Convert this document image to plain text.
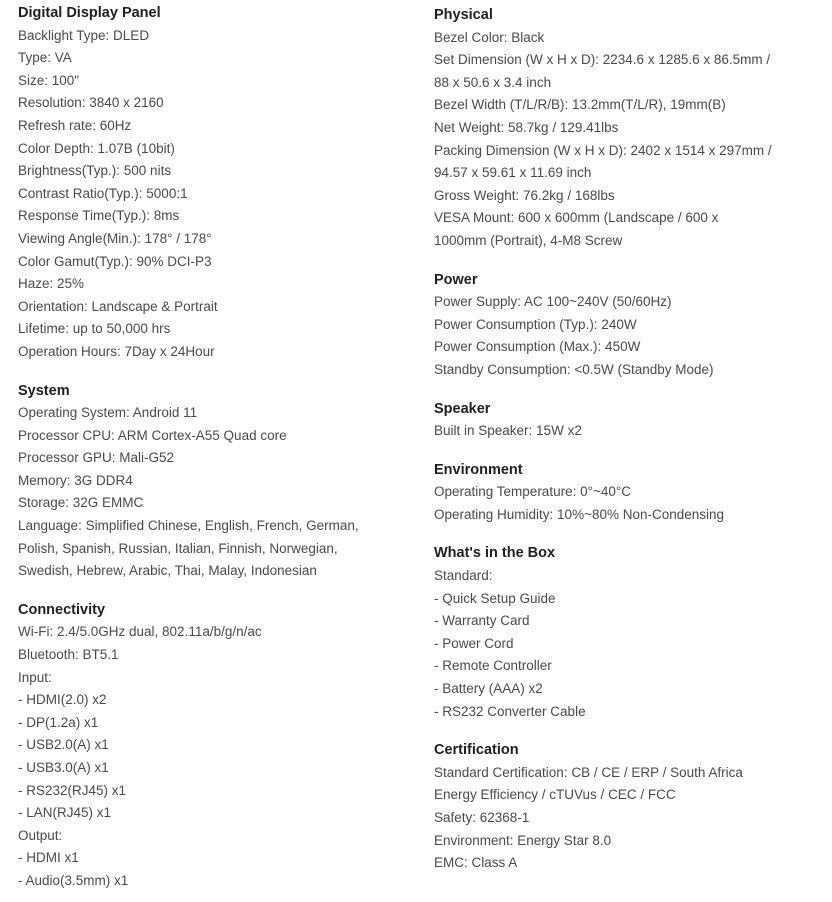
Digital Display Panel
Backlight Type: DLED
Type: VA
Size: 100"
Resolution: 3840 x 2160
Refresh rate: 60Hz
Color Depth: 1.07B (10bit)
Brightness(Typ.): 500 nits
Contrast Ratio(Typ.): 5000:1
Response Time(Typ.): 8ms
Viewing Angle(Min.): 178° / 178°
Color Gamut(Typ.): 90% DCI-P3
Haze: 25%
Orientation: Landscape & Portrait
Lifetime: up to 50,000 hrs
Operation Hours: 7Day x 24Hour
System
Operating System: Android 11
Processor CPU: ARM Cortex-A55 Quad core
Processor GPU: Mali-G52
Memory: 3G DDR4
Storage: 32G EMMC
Language: Simplified Chinese, English, French, German,
Polish, Spanish, Russian, Italian, Finnish, Norwegian,
Swedish, Hebrew, Arabic, Thai, Malay, Indonesian
Connectivity
Wi-Fi: 2.4/5.0GHz dual, 802.11a/b/g/n/ac
Bluetooth: BT5.1
Input:
- HDMI(2.0) x2
- DP(1.2a) x1
- USB2.0(A) x1
- USB3.0(A) x1
- RS232(RJ45) x1
- LAN(RJ45) x1
Output:
- HDMI x1
- Audio(3.5mm) x1
Physical
Bezel Color: Black
Set Dimension (W x H x D): 2234.6 x 1285.6 x 86.5mm /
88 x 50.6 x 3.4 inch
Bezel Width (T/L/R/B): 13.2mm(T/L/R), 19mm(B)
Net Weight: 58.7kg / 129.41lbs
Packing Dimension (W x H x D): 2402 x 1514 x 297mm /
94.57 x 59.61 x 11.69 inch
Gross Weight: 76.2kg / 168lbs
VESA Mount: 600 x 600mm (Landscape / 600 x
1000mm (Portrait), 4-M8 Screw
Power
Power Supply: AC 100~240V (50/60Hz)
Power Consumption (Typ.): 240W
Power Consumption (Max.): 450W
Standby Consumption: <0.5W (Standby Mode)
Speaker
Built in Speaker: 15W x2
Environment
Operating Temperature: 0°~40°C
Operating Humidity: 10%~80% Non-Condensing
What's in the Box
Standard:
- Quick Setup Guide
- Warranty Card
- Power Cord
- Remote Controller
- Battery (AAA) x2
- RS232 Converter Cable
Certification
Standard Certification: CB / CE / ERP / South Africa
Energy Efficiency / cTUVus / CEC / FCC
Safety: 62368-1
Environment: Energy Star 8.0
EMC: Class A
